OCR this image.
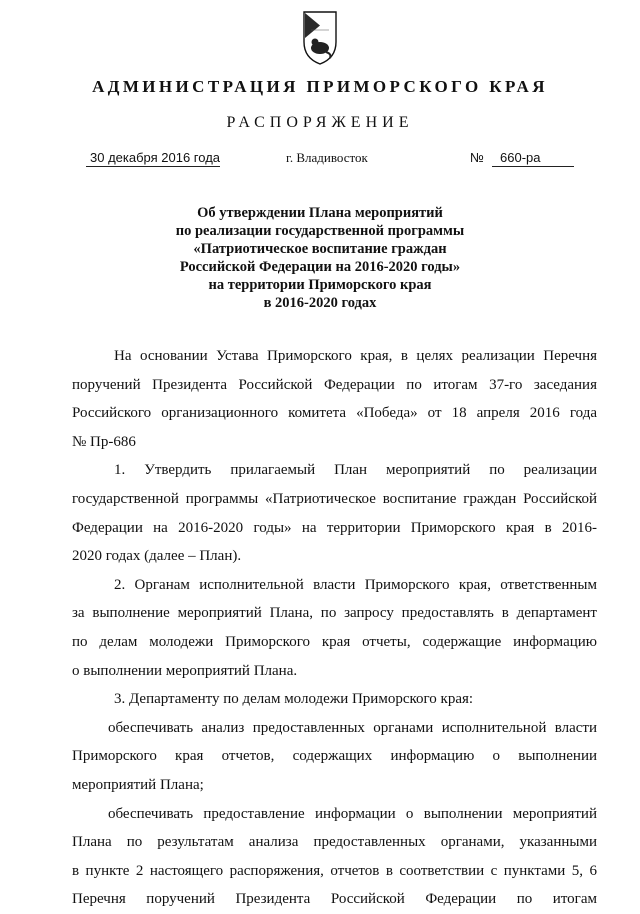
АДМИНИСТРАЦИЯ ПРИМОРСКОГО КРАЯ
РАСПОРЯЖЕНИЕ
30 декабря 2016 года	г. Владивосток	№ 660-ра
Об утверждении Плана мероприятий
по реализации государственной программы
«Патриотическое воспитание граждан
Российской Федерации на 2016-2020 годы»
на территории Приморского края
в 2016-2020 годах
На основании Устава Приморского края, в целях реализации Перечня
поручений Президента Российской Федерации по итогам 37-го заседания
Российского организационного комитета «Победа» от 18 апреля 2016 года
№ Пр-686
1. Утвердить прилагаемый План мероприятий по реализации
государственной программы «Патриотическое воспитание граждан Российской
Федерации на 2016-2020 годы» на территории Приморского края в 2016-
2020 годах (далее – План).
2. Органам исполнительной власти Приморского края, ответственным
за выполнение мероприятий Плана, по запросу предоставлять в департамент
по делам молодежи Приморского края отчеты, содержащие информацию
о выполнении мероприятий Плана.
3. Департаменту по делам молодежи Приморского края:
обеспечивать анализ предоставленных органами исполнительной власти
Приморского края отчетов, содержащих информацию о выполнении
мероприятий Плана;
обеспечивать предоставление информации о выполнении мероприятий
Плана по результатам анализа предоставленных органами, указанными
в пункте 2 настоящего распоряжения, отчетов в соответствии с пунктами 5, 6
Перечня поручений Президента Российской Федерации по итогам
